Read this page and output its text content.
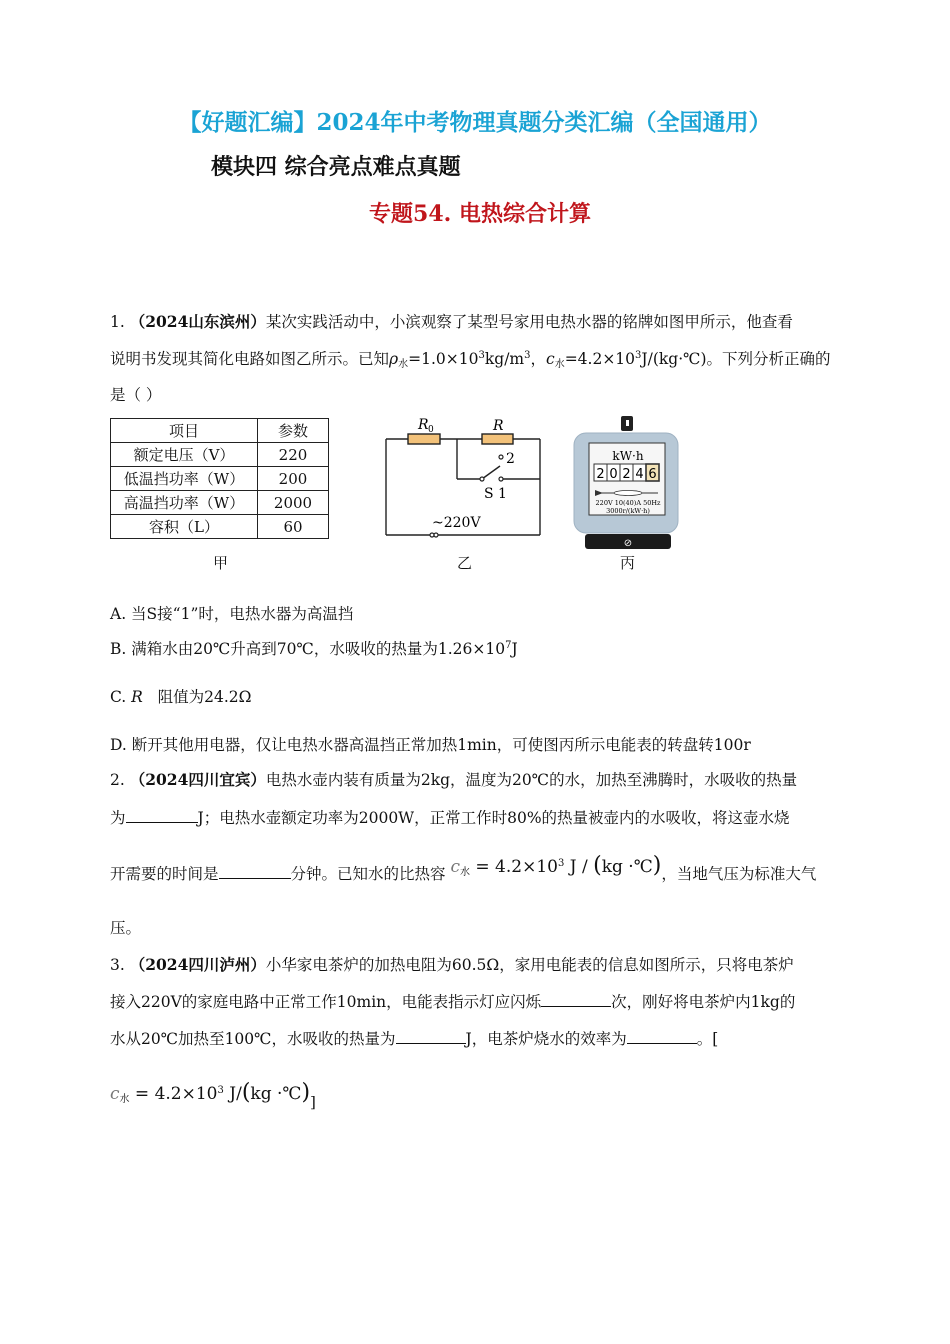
【好题汇编】2024年中考物理真题分类汇编（全国通用）
模块四 综合亮点难点真题
专题54. 电热综合计算
1. （2024山东滨州）某次实践活动中，小滨观察了某型号家用电热水器的铭牌如图甲所示，他查看
说明书发现其简化电路如图乙所示。已知$\rho_水=1.0\times 10^3kg/m^3$，$c_水=4.2\times 10^3J/(kg\cdot℃)$。下列分析正确的
是（ ）
项目	参数
额定电压（V）	220
低温挡功率（W）	200
高温挡功率（W）	2000
容积（L）	60
甲
R 0	R
2
S 1
~220V
乙
kW·h
2 0 2 4 6
220V 10(40)A 50Hz
3000r/(kW·h)
⊘
丙
A. 当S接“1”时，电热水器为高温挡
B. 满箱水由20℃升高到70℃，水吸收的热量为$1.26\times 10^7J$
C. R   阻值为24.2Ω
D. 断开其他用电器，仅让电热水器高温挡正常加热1min，可使图丙所示电能表的转盘转100r
2. （2024四川宜宾）电热水壶内装有质量为2kg，温度为20℃的水，加热至沸腾时，水吸收的热量
为	J；电热水壶额定功率为2000W，正常工作时80%的热量被壶内的水吸收，将这壶水烧
开需要的时间是	分钟。已知水的比热容 $c_水 = 4.2\times 10^3$ J / (kg ·℃)，当地气压为标准大气
压。
3. （2024四川泸州）小华家电茶炉的加热电阻为60.5Ω，家用电能表的信息如图所示，只将电茶炉
接入220V的家庭电路中正常工作10min，电能表指示灯应闪烁	次，刚好将电茶炉内1kg的
水从20℃加热至100℃，水吸收的热量为	J，电茶炉烧水的效率为	。[
$c_水 = 4.2\times 10^3$ J/(kg ·℃)]
